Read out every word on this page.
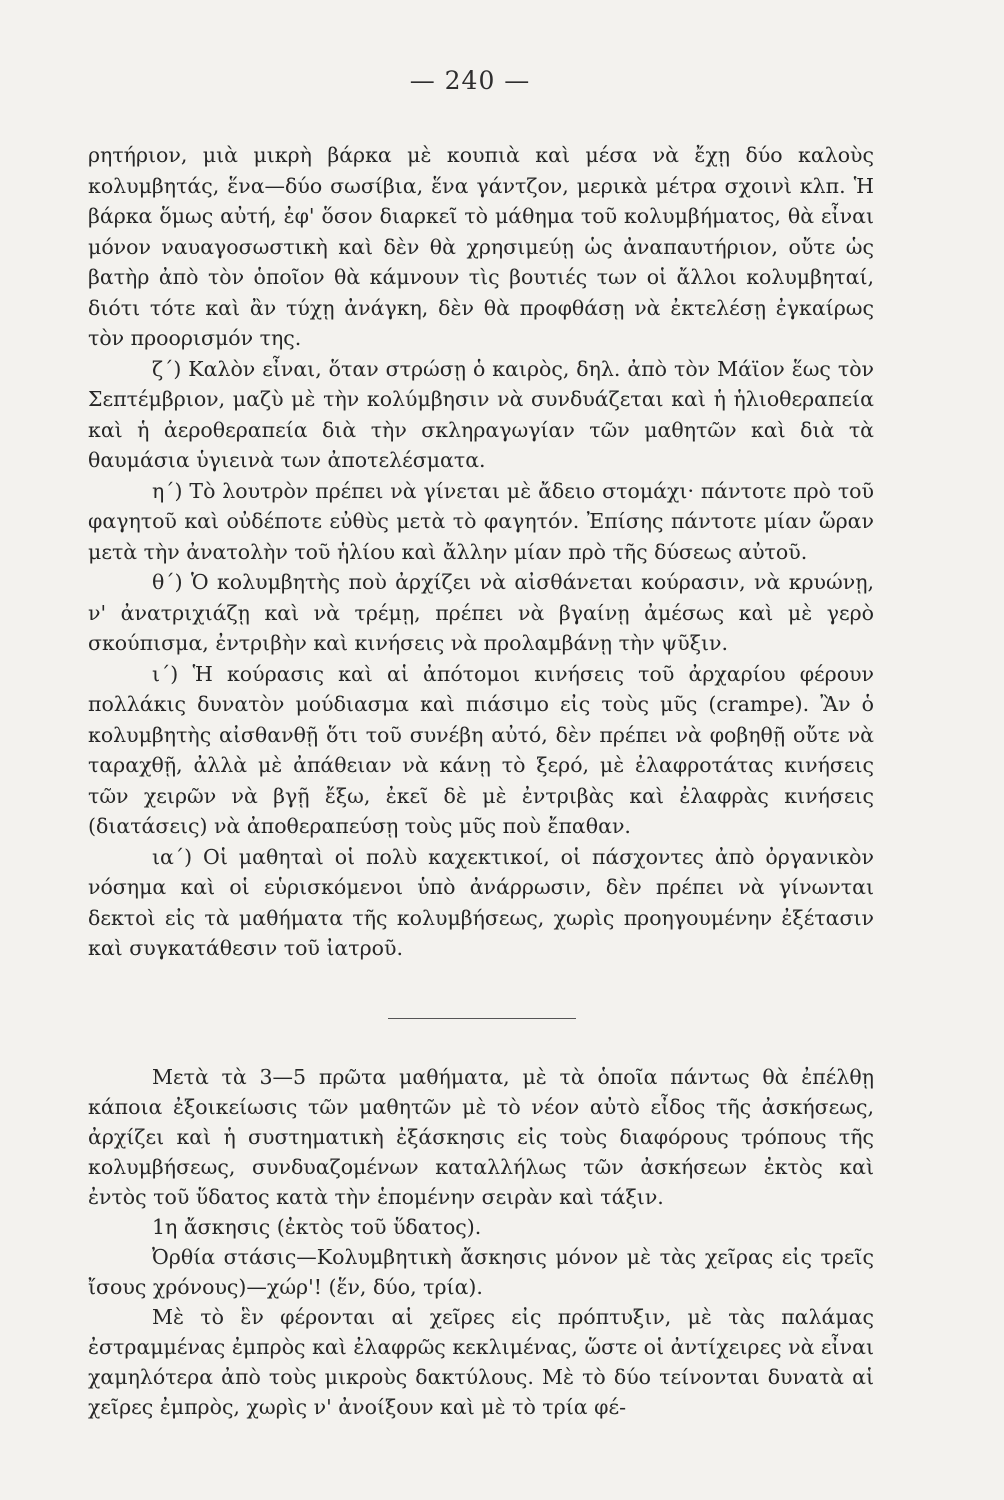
— 240 —

ρητήριον, μιὰ μικρὴ βάρκα μὲ κουπιὰ καὶ μέσα νὰ ἔχῃ δύο καλοὺς κολυμβητάς, ἕνα—δύο σωσίβια, ἕνα γάντζον, μερικὰ μέτρα σχοινὶ κλπ. Ἡ βάρκα ὅμως αὐτή, ἐφ' ὅσον διαρκεῖ τὸ μάθημα τοῦ κολυμβήματος, θὰ εἶναι μόνον ναυαγοσωστικὴ καὶ δὲν θὰ χρησιμεύῃ ὡς ἀναπαυτήριον, οὔτε ὡς βατὴρ ἀπὸ τὸν ὁποῖον θὰ κάμνουν τὶς βουτιές των οἱ ἄλλοι κολυμβηταί, διότι τότε καὶ ἂν τύχῃ ἀνάγκη, δὲν θὰ προφθάσῃ νὰ ἐκτελέσῃ ἐγκαίρως τὸν προορισμόν της.

ζ΄) Καλὸν εἶναι, ὅταν στρώσῃ ὁ καιρὸς, δηλ. ἀπὸ τὸν Μάϊον ἕως τὸν Σεπτέμβριον, μαζὺ μὲ τὴν κολύμβησιν νὰ συνδυάζεται καὶ ἡ ἡλιοθεραπεία καὶ ἡ ἀεροθεραπεία διὰ τὴν σκληραγωγίαν τῶν μαθητῶν καὶ διὰ τὰ θαυμάσια ὑγιεινὰ των ἀποτελέσματα.

η΄) Τὸ λουτρὸν πρέπει νὰ γίνεται μὲ ἄδειο στομάχι· πάντοτε πρὸ τοῦ φαγητοῦ καὶ οὐδέποτε εὐθὺς μετὰ τὸ φαγητόν. Ἐπίσης πάντοτε μίαν ὥραν μετὰ τὴν ἀνατολὴν τοῦ ἡλίου καὶ ἄλλην μίαν πρὸ τῆς δύσεως αὐτοῦ.

θ΄) Ὁ κολυμβητὴς ποὺ ἀρχίζει νὰ αἰσθάνεται κούρασιν, νὰ κρυώνῃ, ν' ἀνατριχιάζῃ καὶ νὰ τρέμῃ, πρέπει νὰ βγαίνῃ ἀμέσως καὶ μὲ γερὸ σκούπισμα, ἐντριβὴν καὶ κινήσεις νὰ προλαμβάνῃ τὴν ψῦξιν.

ι΄) Ἡ κούρασις καὶ αἱ ἀπότομοι κινήσεις τοῦ ἀρχαρίου φέρουν πολλάκις δυνατὸν μούδιασμα καὶ πιάσιμο εἰς τοὺς μῦς (crampe). Ἂν ὁ κολυμβητὴς αἰσθανθῇ ὅτι τοῦ συνέβη αὐτό, δὲν πρέπει νὰ φοβηθῇ οὔτε νὰ ταραχθῇ, ἀλλὰ μὲ ἀπάθειαν νὰ κάνῃ τὸ ξερό, μὲ ἐλαφροτάτας κινήσεις τῶν χειρῶν νὰ βγῇ ἔξω, ἐκεῖ δὲ μὲ ἐντριβὰς καὶ ἐλαφρὰς κινήσεις (διατάσεις) νὰ ἀποθεραπεύσῃ τοὺς μῦς ποὺ ἔπαθαν.

ια΄) Οἱ μαθηταὶ οἱ πολὺ καχεκτικοί, οἱ πάσχοντες ἀπὸ ὀργανικὸν νόσημα καὶ οἱ εὑρισκόμενοι ὑπὸ ἀνάρρωσιν, δὲν πρέπει νὰ γίνωνται δεκτοὶ εἰς τὰ μαθήματα τῆς κολυμβήσεως, χωρὶς προηγουμένην ἐξέτασιν καὶ συγκατάθεσιν τοῦ ἰατροῦ.

Μετὰ τὰ 3—5 πρῶτα μαθήματα, μὲ τὰ ὁποῖα πάντως θὰ ἐπέλθῃ κάποια ἐξοικείωσις τῶν μαθητῶν μὲ τὸ νέον αὐτὸ εἶδος τῆς ἀσκήσεως, ἀρχίζει καὶ ἡ συστηματικὴ ἐξάσκησις εἰς τοὺς διαφόρους τρόπους τῆς κολυμβήσεως, συνδυαζομένων καταλλήλως τῶν ἀσκήσεων ἐκτὸς καὶ ἐντὸς τοῦ ὕδατος κατὰ τὴν ἑπομένην σειρὰν καὶ τάξιν.

1η ἄσκησις (ἐκτὸς τοῦ ὕδατος).

Ὀρθία στάσις—Κολυμβητικὴ ἄσκησις μόνον μὲ τὰς χεῖρας εἰς τρεῖς ἴσους χρόνους)—χώρ'! (ἕν, δύο, τρία).

Μὲ τὸ ἓν φέρονται αἱ χεῖρες εἰς πρόπτυξιν, μὲ τὰς παλάμας ἐστραμμένας ἐμπρὸς καὶ ἐλαφρῶς κεκλιμένας, ὥστε οἱ ἀντίχειρες νὰ εἶναι χαμηλότερα ἀπὸ τοὺς μικροὺς δακτύλους. Μὲ τὸ δύο τείνονται δυνατὰ αἱ χεῖρες ἐμπρὸς, χωρὶς ν' ἀνοίξουν καὶ μὲ τὸ τρία φέ-
